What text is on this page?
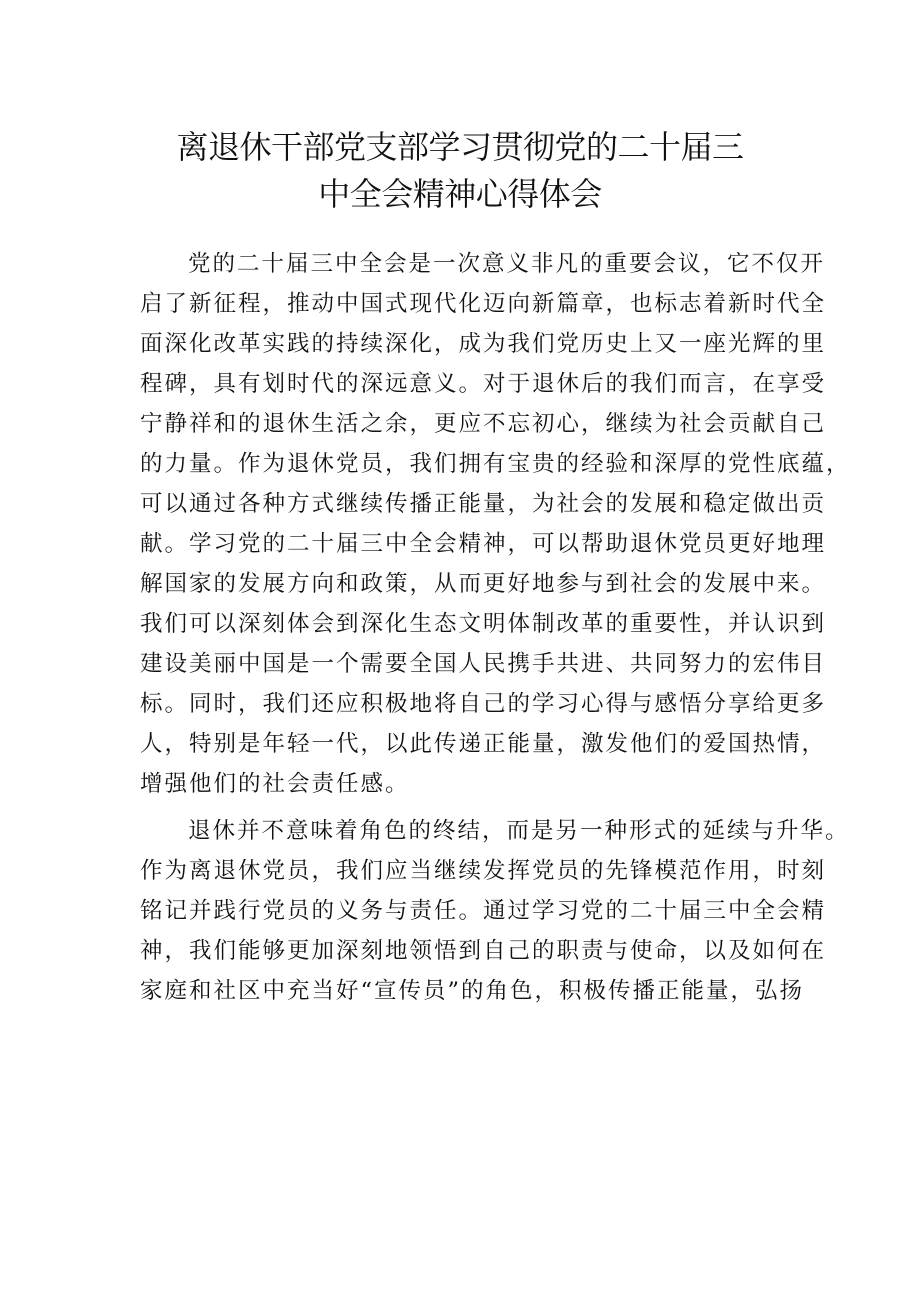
离退休干部党支部学习贯彻党的二十届三
中全会精神心得体会
党的二十届三中全会是一次意义非凡的重要会议，它不仅开
启了新征程，推动中国式现代化迈向新篇章，也标志着新时代全
面深化改革实践的持续深化，成为我们党历史上又一座光辉的里
程碑，具有划时代的深远意义。对于退休后的我们而言，在享受
宁静祥和的退休生活之余，更应不忘初心，继续为社会贡献自己
的力量。作为退休党员，我们拥有宝贵的经验和深厚的党性底蕴，
可以通过各种方式继续传播正能量，为社会的发展和稳定做出贡
献。学习党的二十届三中全会精神，可以帮助退休党员更好地理
解国家的发展方向和政策，从而更好地参与到社会的发展中来。
我们可以深刻体会到深化生态文明体制改革的重要性，并认识到
建设美丽中国是一个需要全国人民携手共进、共同努力的宏伟目
标。同时，我们还应积极地将自己的学习心得与感悟分享给更多
人，特别是年轻一代，以此传递正能量，激发他们的爱国热情，
增强他们的社会责任感。
退休并不意味着角色的终结，而是另一种形式的延续与升华。
作为离退休党员，我们应当继续发挥党员的先锋模范作用，时刻
铭记并践行党员的义务与责任。通过学习党的二十届三中全会精
神，我们能够更加深刻地领悟到自己的职责与使命，以及如何在
家庭和社区中充当好“宣传员”的角色，积极传播正能量，弘扬
